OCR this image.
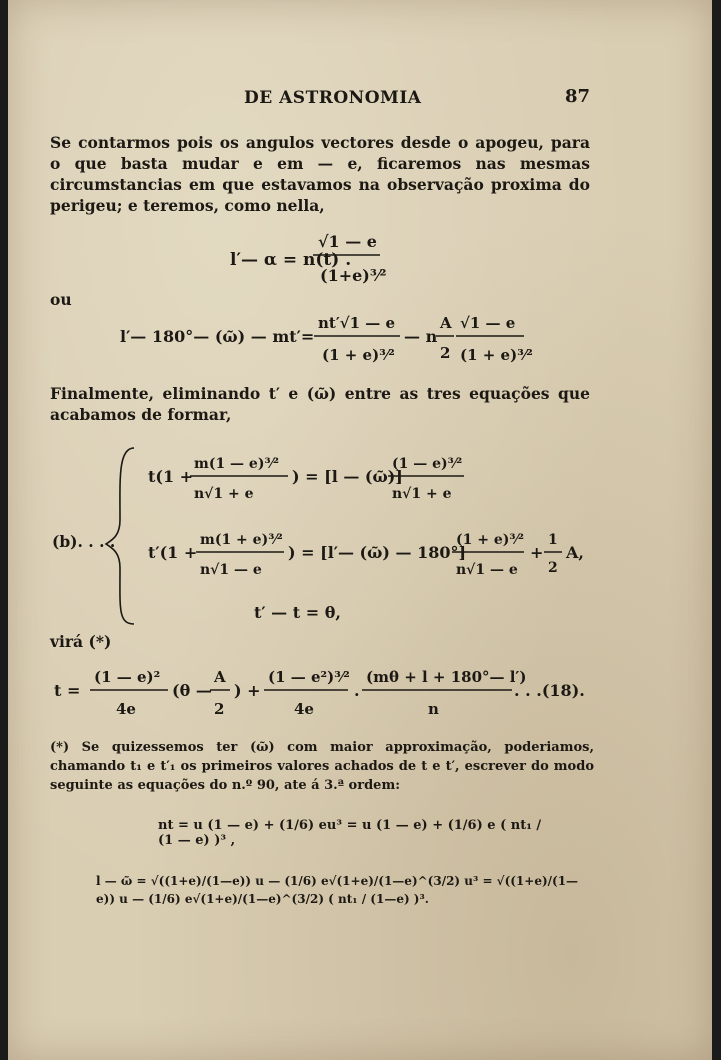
DE ASTRONOMIA	87
Se contarmos pois os angulos vectores desde o apogeu, para o que basta mudar e em — e, ficaremos nas mesmas circumstancias em que estavamos na observação proxima do perigeu; e teremos, como nella,
l′— α = n(t) .
√1 — e
(1+e)³⁄²
ou
l′— 180°— (ῶ) — mt′=
nt′√1 — e
(1 + e)³⁄²
— n
A
2
√1 — e
(1 + e)³⁄²
Finalmente, eliminando t′ e (ῶ) entre as tres equações que acabamos de formar,
(b). . . .
t(1 +
m(1 — e)³⁄²
n√1 + e
) = [l — (ῶ)]
(1 — e)³⁄²
n√1 + e
t′(1 +
m(1 + e)³⁄²
n√1 — e
) = [l′— (ῶ) — 180°]
(1 + e)³⁄²
n√1 — e
+
1
2
A,
t′ — t = θ,
virá (*)
t =
(1 — e)²
4e
(θ —
A
2
) +
(1 — e²)³⁄²
4e
.
(mθ + l + 180°— l′)
n
. . .(18).
(*) Se quizessemos ter (ῶ) com maior approximação, poderiamos, chamando t₁ e t′₁ os primeiros valores achados de t e t′, escrever do modo seguinte as equações do n.º 90, ate á 3.ª ordem:
nt = u (1 — e) + (1/6) eu³ = u (1 — e) + (1/6) e ( nt₁ / (1 — e) )³ ,
l — ῶ = √((1+e)/(1—e)) u — (1/6) e√(1+e)/(1—e)^(3/2) u³ = √((1+e)/(1—e)) u — (1/6) e√(1+e)/(1—e)^(3/2) ( nt₁ / (1—e) )³.
